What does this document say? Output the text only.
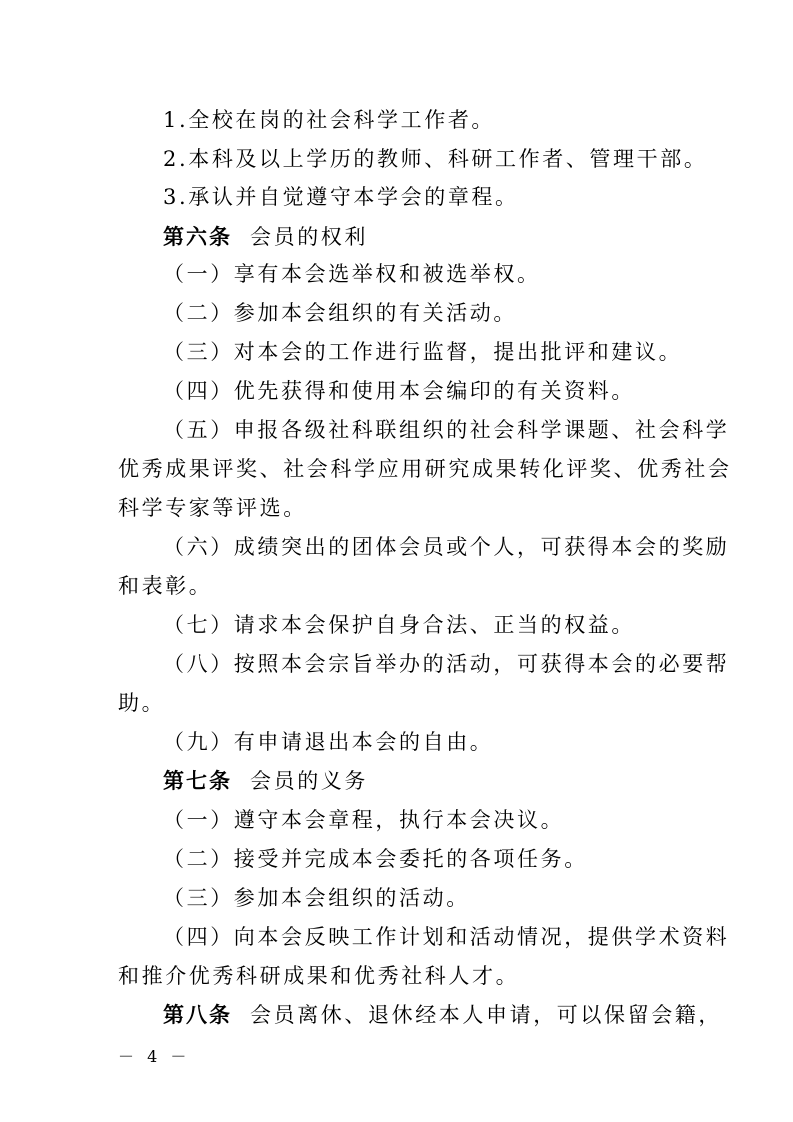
1.全校在岗的社会科学工作者。
2.本科及以上学历的教师、科研工作者、管理干部。
3.承认并自觉遵守本学会的章程。
第六条 会员的权利
（一）享有本会选举权和被选举权。
（二）参加本会组织的有关活动。
（三）对本会的工作进行监督，提出批评和建议。
（四）优先获得和使用本会编印的有关资料。
（五）申报各级社科联组织的社会科学课题、社会科学
优秀成果评奖、社会科学应用研究成果转化评奖、优秀社会
科学专家等评选。
（六）成绩突出的团体会员或个人，可获得本会的奖励
和表彰。
（七）请求本会保护自身合法、正当的权益。
（八）按照本会宗旨举办的活动，可获得本会的必要帮
助。
（九）有申请退出本会的自由。
第七条 会员的义务
（一）遵守本会章程，执行本会决议。
（二）接受并完成本会委托的各项任务。
（三）参加本会组织的活动。
（四）向本会反映工作计划和活动情况，提供学术资料
和推介优秀科研成果和优秀社科人才。
第八条 会员离休、退休经本人申请，可以保留会籍，
－ 4 －
